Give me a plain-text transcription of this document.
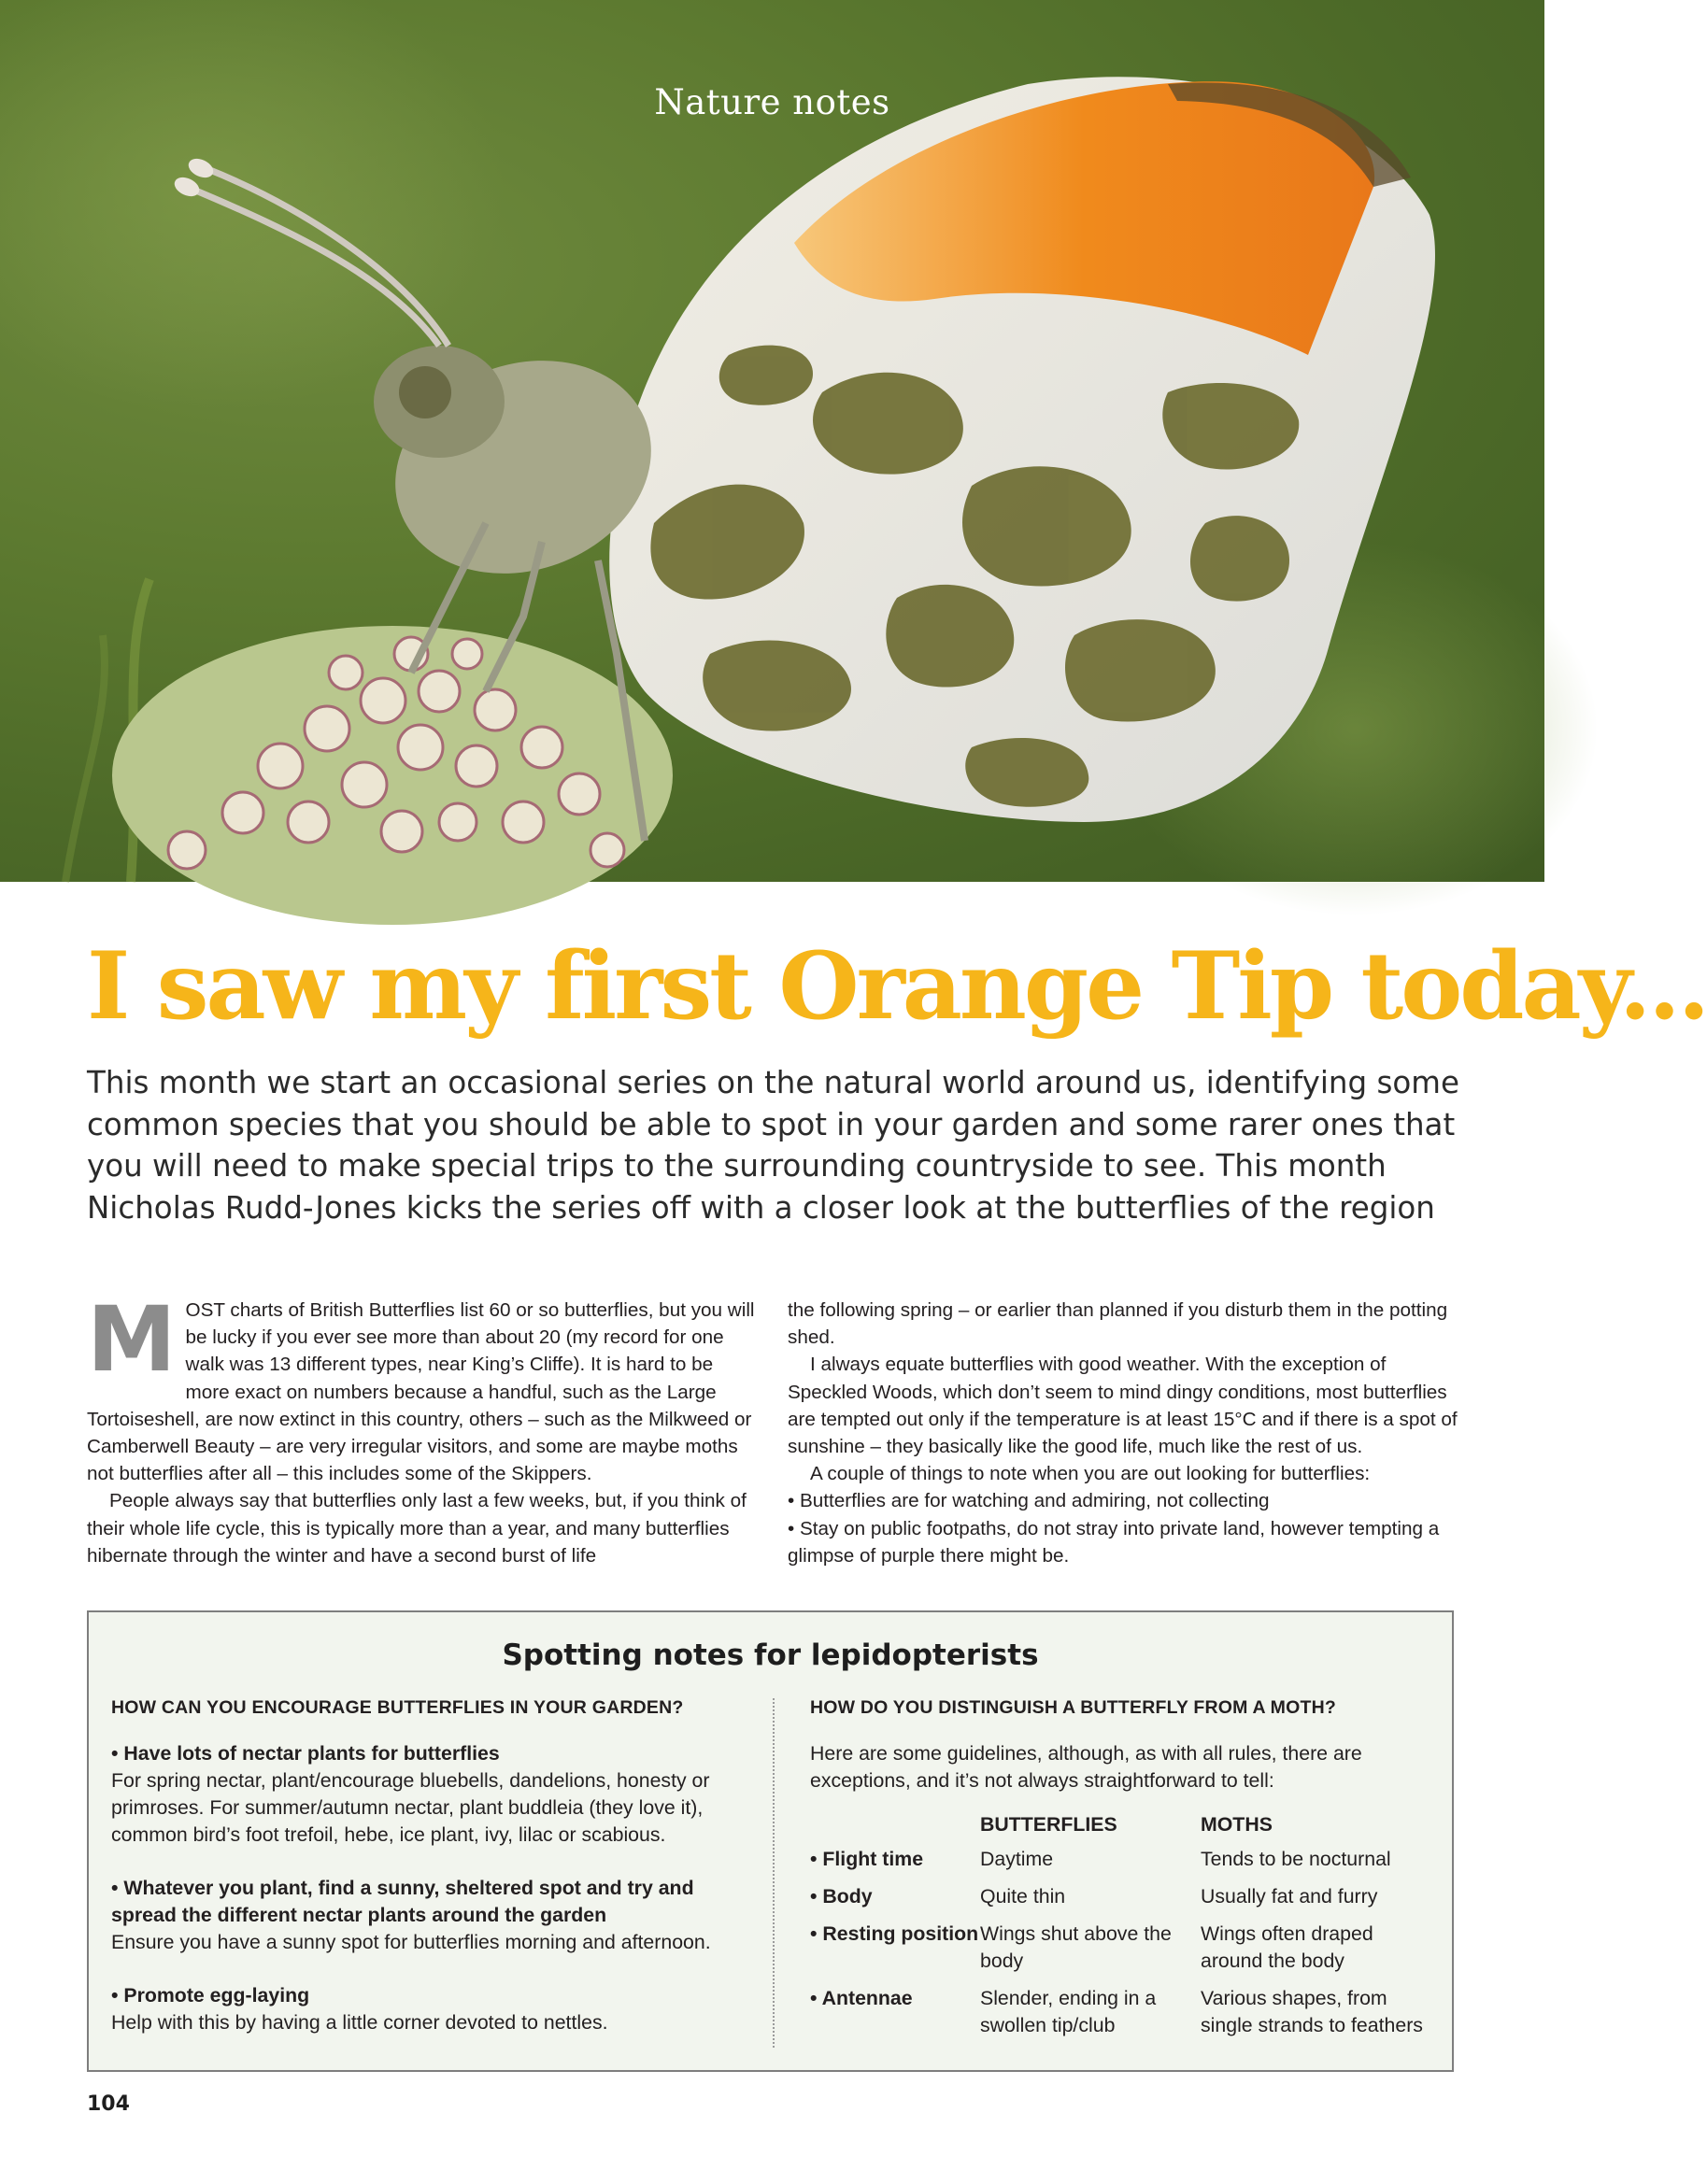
Nature notes
I saw my first Orange Tip today...

This month we start an occasional series on the natural world around us, identifying some common species that you should be able to spot in your garden and some rarer ones that you will need to make special trips to the surrounding countryside to see. This month Nicholas Rudd-Jones kicks the series off with a closer look at the butterflies of the region

MOST charts of British Butterflies list 60 or so butterflies, but you will be lucky if you ever see more than about 20 (my record for one walk was 13 different types, near King’s Cliffe). It is hard to be more exact on numbers because a handful, such as the Large Tortoiseshell, are now extinct in this country, others – such as the Milkweed or Camberwell Beauty – are very irregular visitors, and some are maybe moths not butterflies after all – this includes some of the Skippers.

People always say that butterflies only last a few weeks, but, if you think of their whole life cycle, this is typically more than a year, and many butterflies hibernate through the winter and have a second burst of life

the following spring – or earlier than planned if you disturb them in the potting shed.

I always equate butterflies with good weather. With the exception of Speckled Woods, which don’t seem to mind dingy conditions, most butterflies are tempted out only if the temperature is at least 15°C and if there is a spot of sunshine – they basically like the good life, much like the rest of us.

A couple of things to note when you are out looking for butterflies:

• Butterflies are for watching and admiring, not collecting

• Stay on public footpaths, do not stray into private land, however tempting a glimpse of purple there might be.

Spotting notes for lepidopterists
HOW CAN YOU ENCOURAGE BUTTERFLIES IN YOUR GARDEN?
• Have lots of nectar plants for butterflies

For spring nectar, plant/encourage bluebells, dandelions, honesty or primroses. For summer/autumn nectar, plant buddleia (they love it), common bird’s foot trefoil, hebe, ice plant, ivy, lilac or scabious.

• Whatever you plant, find a sunny, sheltered spot and try and spread the different nectar plants around the garden

Ensure you have a sunny spot for butterflies morning and afternoon.

• Promote egg-laying

Help with this by having a little corner devoted to nettles.

HOW DO YOU DISTINGUISH A BUTTERFLY FROM A MOTH?

Here are some guidelines, although, as with all rules, there are exceptions, and it’s not always straightforward to tell:

	BUTTERFLIES	MOTHS
• Flight time	Daytime	Tends to be nocturnal
• Body	Quite thin	Usually fat and furry
• Resting position	Wings shut above the body	Wings often draped around the body
• Antennae	Slender, ending in a swollen tip/club	Various shapes, from single strands to feathers
104
